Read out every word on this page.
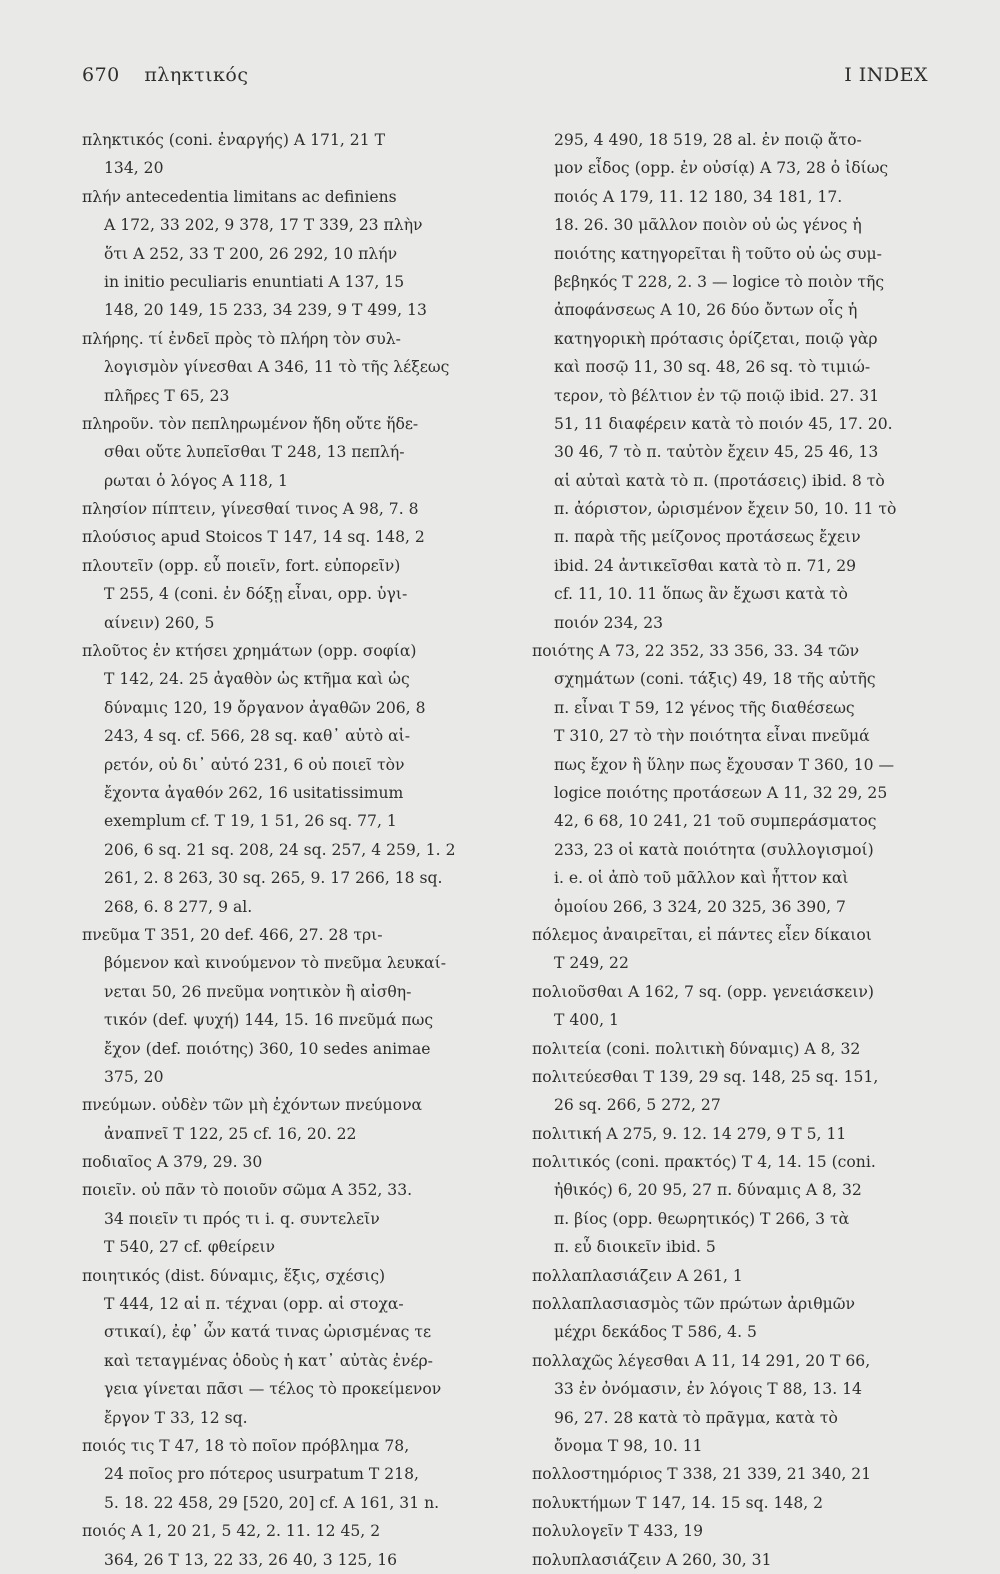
670 πληκτικός	I INDEX
πληκτικός (coni. ἐναργής) A 171, 21 T
134, 20
πλήν antecedentia limitans ac definiens
A 172, 33 202, 9 378, 17 T 339, 23 πλὴν
ὅτι A 252, 33 T 200, 26 292, 10 πλήν
in initio peculiaris enuntiati A 137, 15
148, 20 149, 15 233, 34 239, 9 T 499, 13
πλήρης. τί ἐνδεῖ πρὸς τὸ πλήρη τὸν συλ-
λογισμὸν γίνεσθαι A 346, 11 τὸ τῆς λέξεως
πλῆρες T 65, 23
πληροῦν. τὸν πεπληρωμένον ἤδη οὔτε ἥδε-
σθαι οὔτε λυπεῖσθαι T 248, 13 πεπλή-
ρωται ὁ λόγος A 118, 1
πλησίον πίπτειν, γίνεσθαί τινος A 98, 7. 8
πλούσιος apud Stoicos T 147, 14 sq. 148, 2
πλουτεῖν (opp. εὖ ποιεῖν, fort. εὐπορεῖν)
T 255, 4 (coni. ἐν δόξῃ εἶναι, opp. ὑγι-
αίνειν) 260, 5
πλοῦτος ἐν κτήσει χρημάτων (opp. σοφία)
T 142, 24. 25 ἀγαθὸν ὡς κτῆμα καὶ ὡς
δύναμις 120, 19 ὄργανον ἀγαθῶν 206, 8
243, 4 sq. cf. 566, 28 sq. καθ᾿ αὑτὸ αἱ-
ρετόν, οὐ δι᾿ αὑτό 231, 6 οὐ ποιεῖ τὸν
ἔχοντα ἀγαθόν 262, 16 usitatissimum
exemplum cf. T 19, 1 51, 26 sq. 77, 1
206, 6 sq. 21 sq. 208, 24 sq. 257, 4 259, 1. 2
261, 2. 8 263, 30 sq. 265, 9. 17 266, 18 sq.
268, 6. 8 277, 9 al.
πνεῦμα T 351, 20 def. 466, 27. 28 τρι-
βόμενον καὶ κινούμενον τὸ πνεῦμα λευκαί-
νεται 50, 26 πνεῦμα νοητικὸν ἢ αἰσθη-
τικόν (def. ψυχή) 144, 15. 16 πνεῦμά πως
ἔχον (def. ποιότης) 360, 10 sedes animae
375, 20
πνεύμων. οὐδὲν τῶν μὴ ἐχόντων πνεύμονα
ἀναπνεῖ T 122, 25 cf. 16, 20. 22
ποδιαῖος A 379, 29. 30
ποιεῖν. οὐ πᾶν τὸ ποιοῦν σῶμα A 352, 33.
34 ποιεῖν τι πρός τι i. q. συντελεῖν
T 540, 27 cf. φθείρειν
ποιητικός (dist. δύναμις, ἕξις, σχέσις)
T 444, 12 αἱ π. τέχναι (opp. αἱ στοχα-
στικαί), ἐφ᾿ ὧν κατά τινας ὡρισμένας τε
καὶ τεταγμένας ὁδοὺς ἡ κατ᾿ αὐτὰς ἐνέρ-
γεια γίνεται πᾶσι — τέλος τὸ προκείμενον
ἔργον T 33, 12 sq.
ποιός τις T 47, 18 τὸ ποῖον πρόβλημα 78,
24 ποῖος pro πότερος usurpatum T 218,
5. 18. 22 458, 29 [520, 20] cf. A 161, 31 n.
ποιός A 1, 20 21, 5 42, 2. 11. 12 45, 2
364, 26 T 13, 22 33, 26 40, 3 125, 16
295, 4 490, 18 519, 28 al. ἐν ποιῷ ἄτο-
μον εἶδος (opp. ἐν οὐσίᾳ) A 73, 28 ὁ ἰδίως
ποιός A 179, 11. 12 180, 34 181, 17.
18. 26. 30 μᾶλλον ποιὸν οὐ ὡς γένος ἡ
ποιότης κατηγορεῖται ἢ τοῦτο οὐ ὡς συμ-
βεβηκός T 228, 2. 3 — logice τὸ ποιὸν τῆς
ἀποφάνσεως A 10, 26 δύο ὄντων οἷς ἡ
κατηγορικὴ πρότασις ὁρίζεται, ποιῷ γὰρ
καὶ ποσῷ 11, 30 sq. 48, 26 sq. τὸ τιμιώ-
τερον, τὸ βέλτιον ἐν τῷ ποιῷ ibid. 27. 31
51, 11 διαφέρειν κατὰ τὸ ποιόν 45, 17. 20.
30 46, 7 τὸ π. ταὐτὸν ἔχειν 45, 25 46, 13
αἱ αὐταὶ κατὰ τὸ π. (προτάσεις) ibid. 8 τὸ
π. ἀόριστον, ὡρισμένον ἔχειν 50, 10. 11 τὸ
π. παρὰ τῆς μείζονος προτάσεως ἔχειν
ibid. 24 ἀντικεῖσθαι κατὰ τὸ π. 71, 29
cf. 11, 10. 11 ὅπως ἂν ἔχωσι κατὰ τὸ
ποιόν 234, 23
ποιότης A 73, 22 352, 33 356, 33. 34 τῶν
σχημάτων (coni. τάξις) 49, 18 τῆς αὐτῆς
π. εἶναι T 59, 12 γένος τῆς διαθέσεως
T 310, 27 τὸ τὴν ποιότητα εἶναι πνεῦμά
πως ἔχον ἢ ὕλην πως ἔχουσαν T 360, 10 —
logice ποιότης προτάσεων A 11, 32 29, 25
42, 6 68, 10 241, 21 τοῦ συμπεράσματος
233, 23 οἱ κατὰ ποιότητα (συλλογισμοί)
i. e. οἱ ἀπὸ τοῦ μᾶλλον καὶ ἧττον καὶ
ὁμοίου 266, 3 324, 20 325, 36 390, 7
πόλεμος ἀναιρεῖται, εἰ πάντες εἶεν δίκαιοι
T 249, 22
πολιοῦσθαι A 162, 7 sq. (opp. γενειάσκειν)
T 400, 1
πολιτεία (coni. πολιτικὴ δύναμις) A 8, 32
πολιτεύεσθαι T 139, 29 sq. 148, 25 sq. 151,
26 sq. 266, 5 272, 27
πολιτική A 275, 9. 12. 14 279, 9 T 5, 11
πολιτικός (coni. πρακτός) T 4, 14. 15 (coni.
ἠθικός) 6, 20 95, 27 π. δύναμις A 8, 32
π. βίος (opp. θεωρητικός) T 266, 3 τὰ
π. εὖ διοικεῖν ibid. 5
πολλαπλασιάζειν A 261, 1
πολλαπλασιασμὸς τῶν πρώτων ἀριθμῶν
μέχρι δεκάδος T 586, 4. 5
πολλαχῶς λέγεσθαι A 11, 14 291, 20 T 66,
33 ἐν ὀνόμασιν, ἐν λόγοις T 88, 13. 14
96, 27. 28 κατὰ τὸ πρᾶγμα, κατὰ τὸ
ὄνομα T 98, 10. 11
πολλοστημόριος T 338, 21 339, 21 340, 21
πολυκτήμων T 147, 14. 15 sq. 148, 2
πολυλογεῖν T 433, 19
πολυπλασιάζειν A 260, 30, 31
